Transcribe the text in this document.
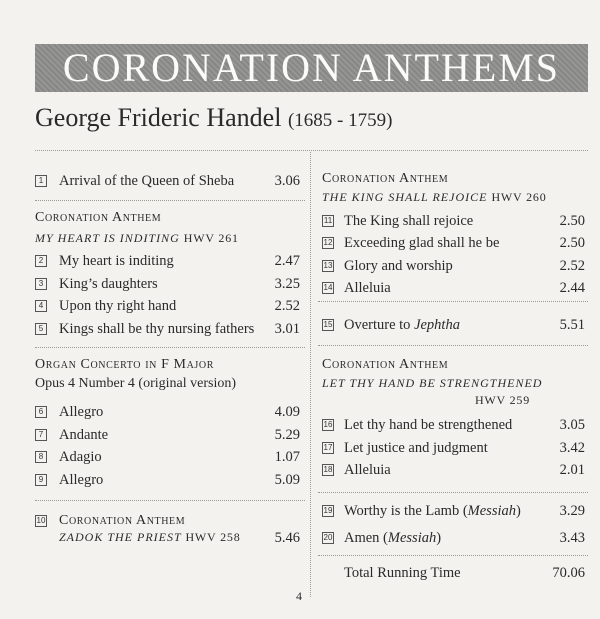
CORONATION ANTHEMS
George Frideric Handel (1685 - 1759)
1 Arrival of the Queen of Sheba	3.06
Coronation Anthem
MY HEART IS INDITING HWV 261
2 My heart is inditing	2.47
3 King’s daughters	3.25
4 Upon thy right hand	2.52
5 Kings shall be thy nursing fathers 3.01
Organ Concerto in F Major
Opus 4 Number 4 (original version)
6 Allegro	4.09
7 Andante	5.29
8 Adagio	1.07
9 Allegro	5.09
10 Coronation Anthem
ZADOK THE PRIEST HWV 258 5.46
Coronation Anthem
THE KING SHALL REJOICE HWV 260
11 The King shall rejoice	2.50
12 Exceeding glad shall he be	2.50
13 Glory and worship	2.52
14 Alleluia	2.44
15 Overture to Jephtha	5.51
Coronation Anthem
LET THY HAND BE STRENGTHENED
HWV 259
16 Let thy hand be strengthened	3.05
17 Let justice and judgment	3.42
18 Alleluia	2.01
19 Worthy is the Lamb (Messiah)	3.29
20 Amen (Messiah)	3.43
Total Running Time	70.06
4
